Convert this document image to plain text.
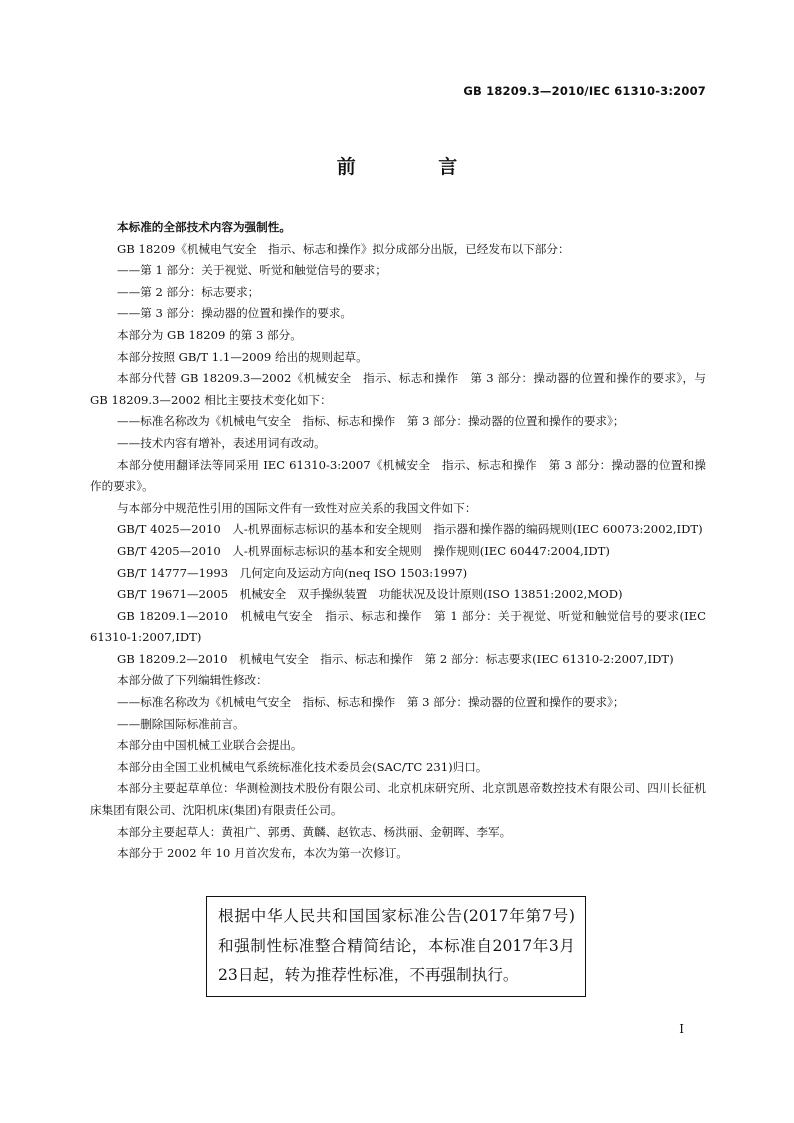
GB 18209.3—2010/IEC 61310-3:2007
前 言

本标准的全部技术内容为强制性。

GB 18209《机械电气安全　指示、标志和操作》拟分成部分出版，已经发布以下部分：

——第 1 部分：关于视觉、听觉和触觉信号的要求；

——第 2 部分：标志要求；

——第 3 部分：操动器的位置和操作的要求。

本部分为 GB 18209 的第 3 部分。

本部分按照 GB/T 1.1—2009 给出的规则起草。

本部分代替 GB 18209.3—2002《机械安全　指示、标志和操作　第 3 部分：操动器的位置和操作的要求》，与 GB 18209.3—2002 相比主要技术变化如下：

——标准名称改为《机械电气安全　指标、标志和操作　第 3 部分：操动器的位置和操作的要求》；

——技术内容有增补，表述用词有改动。

本部分使用翻译法等同采用 IEC 61310-3:2007《机械安全　指示、标志和操作　第 3 部分：操动器的位置和操作的要求》。

与本部分中规范性引用的国际文件有一致性对应关系的我国文件如下：

GB/T 4025—2010　人-机界面标志标识的基本和安全规则　指示器和操作器的编码规则(IEC 60073:2002,IDT)

GB/T 4205—2010　人-机界面标志标识的基本和安全规则　操作规则(IEC 60447:2004,IDT)

GB/T 14777—1993　几何定向及运动方向(neq ISO 1503:1997)

GB/T 19671—2005　机械安全　双手操纵装置　功能状况及设计原则(ISO 13851:2002,MOD)

GB 18209.1—2010　机械电气安全　指示、标志和操作　第 1 部分：关于视觉、听觉和触觉信号的要求(IEC 61310-1:2007,IDT)

GB 18209.2—2010　机械电气安全　指示、标志和操作　第 2 部分：标志要求(IEC 61310-2:2007,IDT)

本部分做了下列编辑性修改：

——标准名称改为《机械电气安全　指标、标志和操作　第 3 部分：操动器的位置和操作的要求》；

——删除国际标准前言。

本部分由中国机械工业联合会提出。

本部分由全国工业机械电气系统标准化技术委员会(SAC/TC 231)归口。

本部分主要起草单位：华测检测技术股份有限公司、北京机床研究所、北京凯恩帝数控技术有限公司、四川长征机床集团有限公司、沈阳机床(集团)有限责任公司。

本部分主要起草人：黄祖广、郭勇、黄麟、赵钦志、杨洪丽、金朝晖、李军。

本部分于 2002 年 10 月首次发布，本次为第一次修订。

根据中华人民共和国国家标准公告(2017年第7号)和强制性标准整合精简结论，本标准自2017年3月23日起，转为推荐性标准，不再强制执行。
I
